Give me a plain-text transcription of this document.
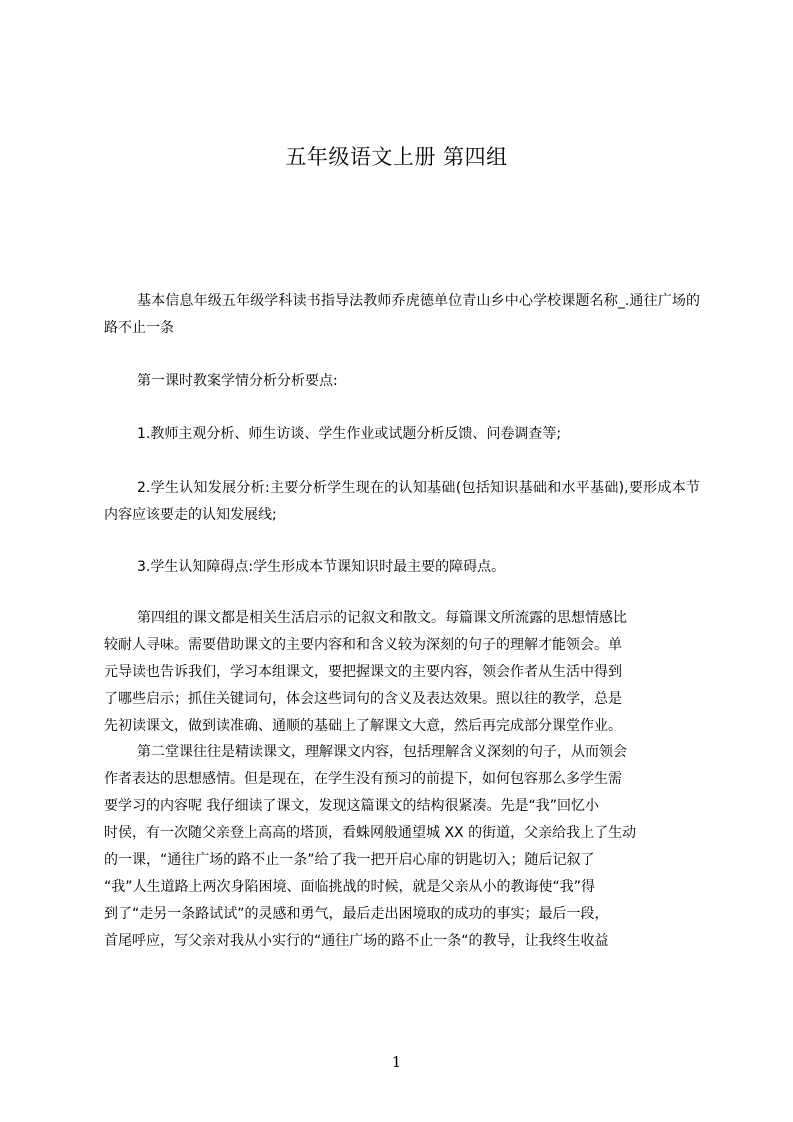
五年级语文上册 第四组

基本信息年级五年级学科读书指导法教师乔虎德单位青山乡中心学校课题名称_.通往广场的路不止一条

第一课时教案学情分析分析要点:

1.教师主观分析、师生访谈、学生作业或试题分析反馈、问卷调查等;

2.学生认知发展分析:主要分析学生现在的认知基础(包括知识基础和水平基础),要形成本节内容应该要走的认知发展线;

3.学生认知障碍点:学生形成本节课知识时最主要的障碍点。

第四组的课文都是相关生活启示的记叙文和散文。每篇课文所流露的思想情感比
较耐人寻味。需要借助课文的主要内容和和含义较为深刻的句子的理解才能领会。单
元导读也告诉我们，学习本组课文，要把握课文的主要内容，领会作者从生活中得到
了哪些启示；抓住关键词句，体会这些词句的含义及表达效果。照以往的教学，总是
先初读课文，做到读准确、通顺的基础上了解课文大意，然后再完成部分课堂作业。

第二堂课往往是精读课文，理解课文内容，包括理解含义深刻的句子，从而领会
作者表达的思想感情。但是现在，在学生没有预习的前提下，如何包容那么多学生需
要学习的内容呢 我仔细读了课文，发现这篇课文的结构很紧凑。先是“我”回忆小
时侯，有一次随父亲登上高高的塔顶，看蛛网般通望城 XX 的街道，父亲给我上了生动
的一课，“通往广场的路不止一条”给了我一把开启心扉的钥匙切入；随后记叙了
“我”人生道路上两次身陷困境、面临挑战的时候，就是父亲从小的教诲使“我”得
到了“走另一条路试试”的灵感和勇气，最后走出困境取的成功的事实；最后一段，
首尾呼应，写父亲对我从小实行的“通往广场的路不止一条“的教导，让我终生收益

1
